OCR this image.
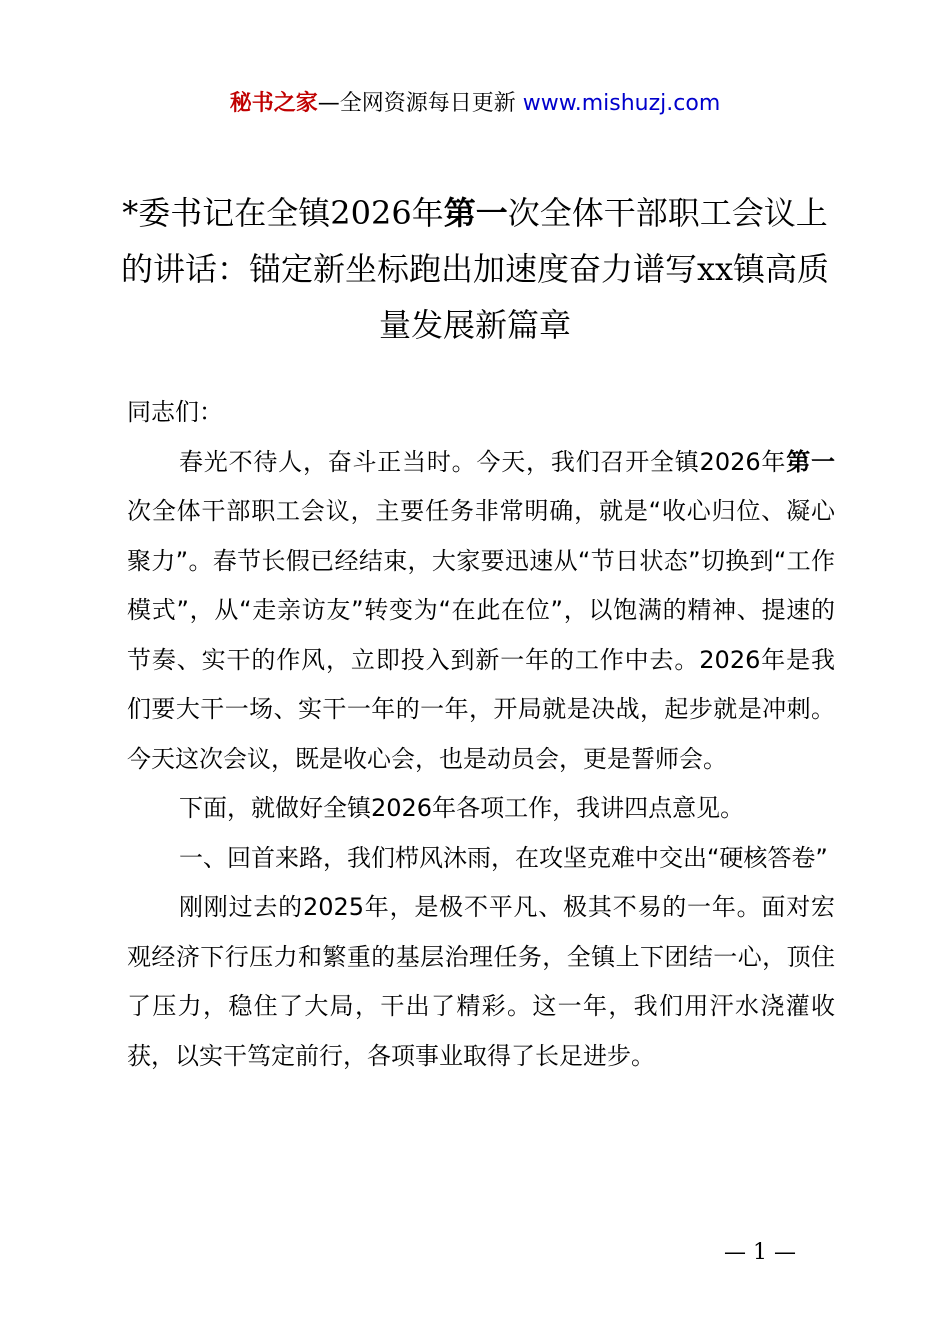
秘书之家—全网资源每日更新 www.mishuzj.com
*委书记在全镇2026年第一次全体干部职工会议上的讲话：锚定新坐标跑出加速度奋力谱写xx镇高质量发展新篇章

同志们：

春光不待人，奋斗正当时。今天，我们召开全镇2026年第一次全体干部职工会议，主要任务非常明确，就是“收心归位、凝心聚力”。春节长假已经结束，大家要迅速从“节日状态”切换到“工作模式”，从“走亲访友”转变为“在此在位”，以饱满的精神、提速的节奏、实干的作风，立即投入到新一年的工作中去。2026年是我们要大干一场、实干一年的一年，开局就是决战，起步就是冲刺。今天这次会议，既是收心会，也是动员会，更是誓师会。

下面，就做好全镇2026年各项工作，我讲四点意见。

一、回首来路，我们栉风沐雨，在攻坚克难中交出“硬核答卷”

刚刚过去的2025年，是极不平凡、极其不易的一年。面对宏观经济下行压力和繁重的基层治理任务，全镇上下团结一心，顶住了压力，稳住了大局，干出了精彩。这一年，我们用汗水浇灌收获，以实干笃定前行，各项事业取得了长足进步。

— 1 —
